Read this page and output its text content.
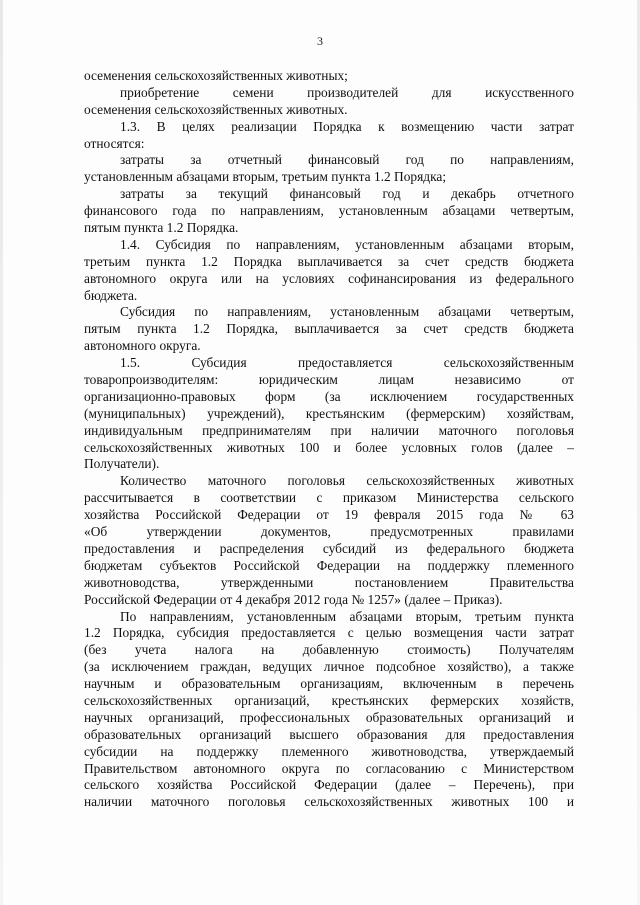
3
осеменения сельскохозяйственных животных;
приобретение семени производителей для искусственного
осеменения сельскохозяйственных животных.
1.3. В целях реализации Порядка к возмещению части затрат
относятся:
затраты за отчетный финансовый год по направлениям,
установленным абзацами вторым, третьим пункта 1.2 Порядка;
затраты за текущий финансовый год и декабрь отчетного
финансового года по направлениям, установленным абзацами четвертым,
пятым пункта 1.2 Порядка.
1.4. Субсидия по направлениям, установленным абзацами вторым,
третьим пункта 1.2 Порядка выплачивается за счет средств бюджета
автономного округа или на условиях софинансирования из федерального
бюджета.
Субсидия по направлениям, установленным абзацами четвертым,
пятым пункта 1.2 Порядка, выплачивается за счет средств бюджета
автономного округа.
1.5. Субсидия предоставляется сельскохозяйственным
товаропроизводителям: юридическим лицам независимо от
организационно-правовых форм (за исключением государственных
(муниципальных) учреждений), крестьянским (фермерским) хозяйствам,
индивидуальным предпринимателям при наличии маточного поголовья
сельскохозяйственных животных 100 и более условных голов (далее –
Получатели).
Количество маточного поголовья сельскохозяйственных животных
рассчитывается в соответствии с приказом Министерства сельского
хозяйства Российской Федерации от 19 февраля 2015 года № 63
«Об утверждении документов, предусмотренных правилами
предоставления и распределения субсидий из федерального бюджета
бюджетам субъектов Российской Федерации на поддержку племенного
животноводства, утвержденными постановлением Правительства
Российской Федерации от 4 декабря 2012 года № 1257» (далее – Приказ).
По направлениям, установленным абзацами вторым, третьим пункта
1.2 Порядка, субсидия предоставляется с целью возмещения части затрат
(без учета налога на добавленную стоимость) Получателям
(за исключением граждан, ведущих личное подсобное хозяйство), а также
научным и образовательным организациям, включенным в перечень
сельскохозяйственных организаций, крестьянских фермерских хозяйств,
научных организаций, профессиональных образовательных организаций и
образовательных организаций высшего образования для предоставления
субсидии на поддержку племенного животноводства, утверждаемый
Правительством автономного округа по согласованию с Министерством
сельского хозяйства Российской Федерации (далее – Перечень), при
наличии маточного поголовья сельскохозяйственных животных 100 и
